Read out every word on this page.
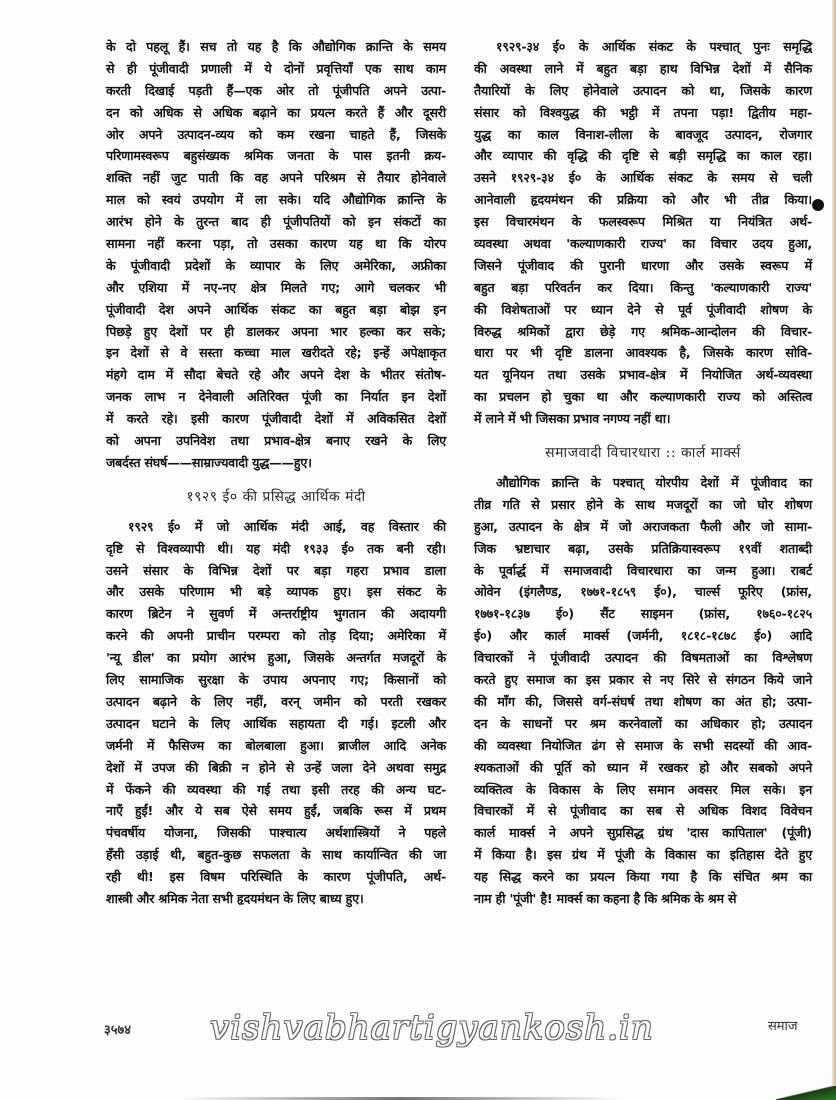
के दो पहलू हैं। सच तो यह है कि औद्योगिक क्रान्ति के समय
से ही पूंजीवादी प्रणाली में ये दोनों प्रवृत्तियाँ एक साथ काम
करती दिखाई पड़ती हैं—एक ओर तो पूंजीपति अपने उत्पा-
दन को अधिक से अधिक बढ़ाने का प्रयत्न करते हैं और दूसरी
ओर अपने उत्पादन-व्यय को कम रखना चाहते हैं, जिसके
परिणामस्वरूप बहुसंख्यक श्रमिक जनता के पास इतनी क्रय-
शक्ति नहीं जुट पाती कि वह अपने परिश्रम से तैयार होनेवाले
माल को स्वयं उपयोग में ला सके। यदि औद्योगिक क्रान्ति के
आरंभ होने के तुरन्त बाद ही पूंजीपतियों को इन संकटों का
सामना नहीं करना पड़ा, तो उसका कारण यह था कि योरप
के पूंजीवादी प्रदेशों के व्यापार के लिए अमेरिका, अफ्रीका
और एशिया में नए-नए क्षेत्र मिलते गए; आगे चलकर भी
पूंजीवादी देश अपने आर्थिक संकट का बहुत बड़ा बोझ इन
पिछड़े हुए देशों पर ही डालकर अपना भार हल्का कर सके;
इन देशों से वे सस्ता कच्चा माल खरीदते रहे; इन्हें अपेक्षाकृत
मंहगे दाम में सौदा बेचते रहे और अपने देश के भीतर संतोष-
जनक लाभ न देनेवाली अतिरिक्त पूंजी का निर्यात इन देशों
में करते रहे। इसी कारण पूंजीवादी देशों में अविकसित देशों
को अपना उपनिवेश तथा प्रभाव-क्षेत्र बनाए रखने के लिए
जबर्दस्त संघर्ष——साम्राज्यवादी युद्ध——हुए।
१९२९ ई० की प्रसिद्ध आर्थिक मंदी
१९२९ ई० में जो आर्थिक मंदी आई, वह विस्तार की
दृष्टि से विश्वव्यापी थी। यह मंदी १९३३ ई० तक बनी रही।
उसने संसार के विभिन्न देशों पर बड़ा गहरा प्रभाव डाला
और उसके परिणाम भी बड़े व्यापक हुए। इस संकट के
कारण ब्रिटेन ने सुवर्ण में अन्तर्राष्ट्रीय भुगतान की अदायगी
करने की अपनी प्राचीन परम्परा को तोड़ दिया; अमेरिका में
'न्यू डील' का प्रयोग आरंभ हुआ, जिसके अन्तर्गत मजदूरों के
लिए सामाजिक सुरक्षा के उपाय अपनाए गए; किसानों को
उत्पादन बढ़ाने के लिए नहीं, वरन् जमीन को परती रखकर
उत्पादन घटाने के लिए आर्थिक सहायता दी गई। इटली और
जर्मनी में फैसिज्म का बोलबाला हुआ। ब्राजील आदि अनेक
देशों में उपज की बिक्री न होने से उन्हें जला देने अथवा समुद्र
में फेंकने की व्यवस्था की गई तथा इसी तरह की अन्य घट-
नाएँ हुईं! और ये सब ऐसे समय हुईं, जबकि रूस में प्रथम
पंचवर्षीय योजना, जिसकी पाश्चात्य अर्थशास्त्रियों ने पहले
हँसी उड़ाई थी, बहुत-कुछ सफलता के साथ कार्यान्वित की जा
रही थी! इस विषम परिस्थिति के कारण पूंजीपति, अर्थ-
शास्त्री और श्रमिक नेता सभी हृदयमंथन के लिए बाध्य हुए।
१९२९-३४ ई० के आर्थिक संकट के पश्चात् पुनः समृद्धि
की अवस्था लाने में बहुत बड़ा हाथ विभिन्न देशों में सैनिक
तैयारियों के लिए होनेवाले उत्पादन को था, जिसके कारण
संसार को विश्वयुद्ध की भट्ठी में तपना पड़ा! द्वितीय महा-
युद्ध का काल विनाश-लीला के बावजूद उत्पादन, रोजगार
और व्यापार की वृद्धि की दृष्टि से बड़ी समृद्धि का काल रहा।
उसने १९२९-३४ ई० के आर्थिक संकट के समय से चली
आनेवाली हृदयमंथन की प्रक्रिया को और भी तीव्र किया।
इस विचारमंथन के फलस्वरूप मिश्रित या नियंत्रित अर्थ-
व्यवस्था अथवा 'कल्याणकारी राज्य' का विचार उदय हुआ,
जिसने पूंजीवाद की पुरानी धारणा और उसके स्वरूप में
बहुत बड़ा परिवर्तन कर दिया। किन्तु 'कल्याणकारी राज्य'
की विशेषताओं पर ध्यान देने से पूर्व पूंजीवादी शोषण के
विरुद्ध श्रमिकों द्वारा छेड़े गए श्रमिक-आन्दोलन की विचार-
धारा पर भी दृष्टि डालना आवश्यक है, जिसके कारण सोवि-
यत यूनियन तथा उसके प्रभाव-क्षेत्र में नियोजित अर्थ-व्यवस्था
का प्रचलन हो चुका था और कल्याणकारी राज्य को अस्तित्व
में लाने में भी जिसका प्रभाव नगण्य नहीं था।
समाजवादी विचारधारा :: कार्ल मार्क्स
औद्योगिक क्रान्ति के पश्चात् योरपीय देशों में पूंजीवाद का
तीव्र गति से प्रसार होने के साथ मजदूरों का जो घोर शोषण
हुआ, उत्पादन के क्षेत्र में जो अराजकता फैली और जो सामा-
जिक भ्रष्टाचार बढ़ा, उसके प्रतिक्रियास्वरूप १९वीं शताब्दी
के पूर्वार्द्ध में समाजवादी विचारधारा का जन्म हुआ। राबर्ट
ओवेन (इंगलैण्ड, १७७१-१८५९ ई०), चार्ल्स फूरिए (फ्रांस,
१७७१-१८३७ ई०) सैंट साइमन (फ्रांस, १७६०-१८२५
ई०) और कार्ल मार्क्स (जर्मनी, १८१८-१८७८ ई०) आदि
विचारकों ने पूंजीवादी उत्पादन की विषमताओं का विश्लेषण
करते हुए समाज का इस प्रकार से नए सिरे से संगठन किये जाने
की माँग की, जिससे वर्ग-संघर्ष तथा शोषण का अंत हो; उत्पा-
दन के साधनों पर श्रम करनेवालों का अधिकार हो; उत्पादन
की व्यवस्था नियोजित ढंग से समाज के सभी सदस्यों की आव-
श्यकताओं की पूर्ति को ध्यान में रखकर हो और सबको अपने
व्यक्तित्व के विकास के लिए समान अवसर मिल सके। इन
विचारकों में से पूंजीवाद का सब से अधिक विशद विवेचन
कार्ल मार्क्स ने अपने सुप्रसिद्ध ग्रंथ 'दास कापिताल' (पूंजी)
में किया है। इस ग्रंथ में पूंजी के विकास का इतिहास देते हुए
यह सिद्ध करने का प्रयत्न किया गया है कि संचित श्रम का
नाम ही 'पूंजी' है! मार्क्स का कहना है कि श्रमिक के श्रम से
३५७४ vishvabhartigyankosh.in	समाज
